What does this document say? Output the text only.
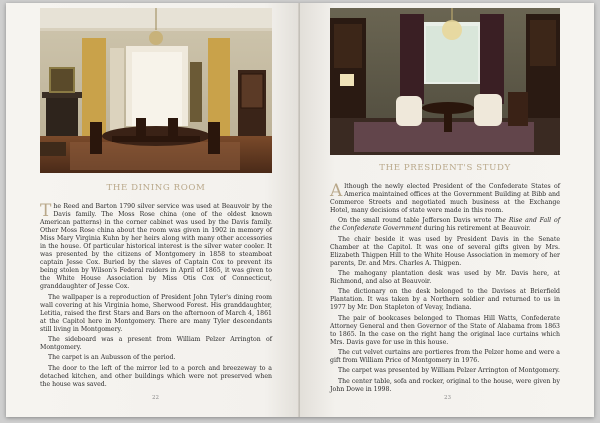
THE DINING ROOM

The Reed and Barton 1790 silver service was used at Beauvoir by the Davis family. The Moss Rose china (one of the oldest known American patterns) in the corner cabinet was used by the Davis family. Other Moss Rose china about the room was given in 1902 in memory of Miss Mary Virginia Kuhn by her heirs along with many other accessories in the house. Of particular historical interest is the silver water cooler. It was presented by the citizens of Montgomery in 1858 to steamboat captain Jesse Cox. Buried by the slaves of Captain Cox to prevent its being stolen by Wilson's Federal raiders in April of 1865, it was given to the White House Association by Miss Otis Cox of Connecticut, granddaughter of Jesse Cox.

The wallpaper is a reproduction of President John Tyler's dining room wall covering at his Virginia home, Sherwood Forest. His granddaughter, Letitia, raised the first Stars and Bars on the afternoon of March 4, 1861 at the Capitol here in Montgomery. There are many Tyler descendants still living in Montgomery.

The sideboard was a present from William Pelzer Arrington of Montgomery.

The carpet is an Aubusson of the period.

The door to the left of the mirror led to a porch and breezeway to a detached kitchen, and other buildings which were not preserved when the house was saved.

22
THE PRESIDENT'S STUDY

Although the newly elected President of the Confederate States of America maintained offices at the Government Building at Bibb and Commerce Streets and negotiated much business at the Exchange Hotel, many decisions of state were made in this room.

On the small round table Jefferson Davis wrote The Rise and Fall of the Confederate Government during his retirement at Beauvoir.

The chair beside it was used by President Davis in the Senate Chamber at the Capitol. It was one of several gifts given by Mrs. Elizabeth Thigpen Hill to the White House Association in memory of her parents, Dr. and Mrs. Charles A. Thigpen.

The mahogany plantation desk was used by Mr. Davis here, at Richmond, and also at Beauvoir.

The dictionary on the desk belonged to the Davises at Brierfield Plantation. It was taken by a Northern soldier and returned to us in 1977 by Mr. Don Stapleton of Vevay, Indiana.

The pair of bookcases belonged to Thomas Hill Watts, Confederate Attorney General and then Governor of the State of Alabama from 1863 to 1865. In the case on the right hang the original lace curtains which Mrs. Davis gave for use in this house.

The cut velvet curtains are portieres from the Pelzer home and were a gift from William Price of Montgomery in 1976.

The carpet was presented by William Pelzer Arrington of Montgomery.

The center table, sofa and rocker, original to the house, were given by John Dowe in 1998.

23
